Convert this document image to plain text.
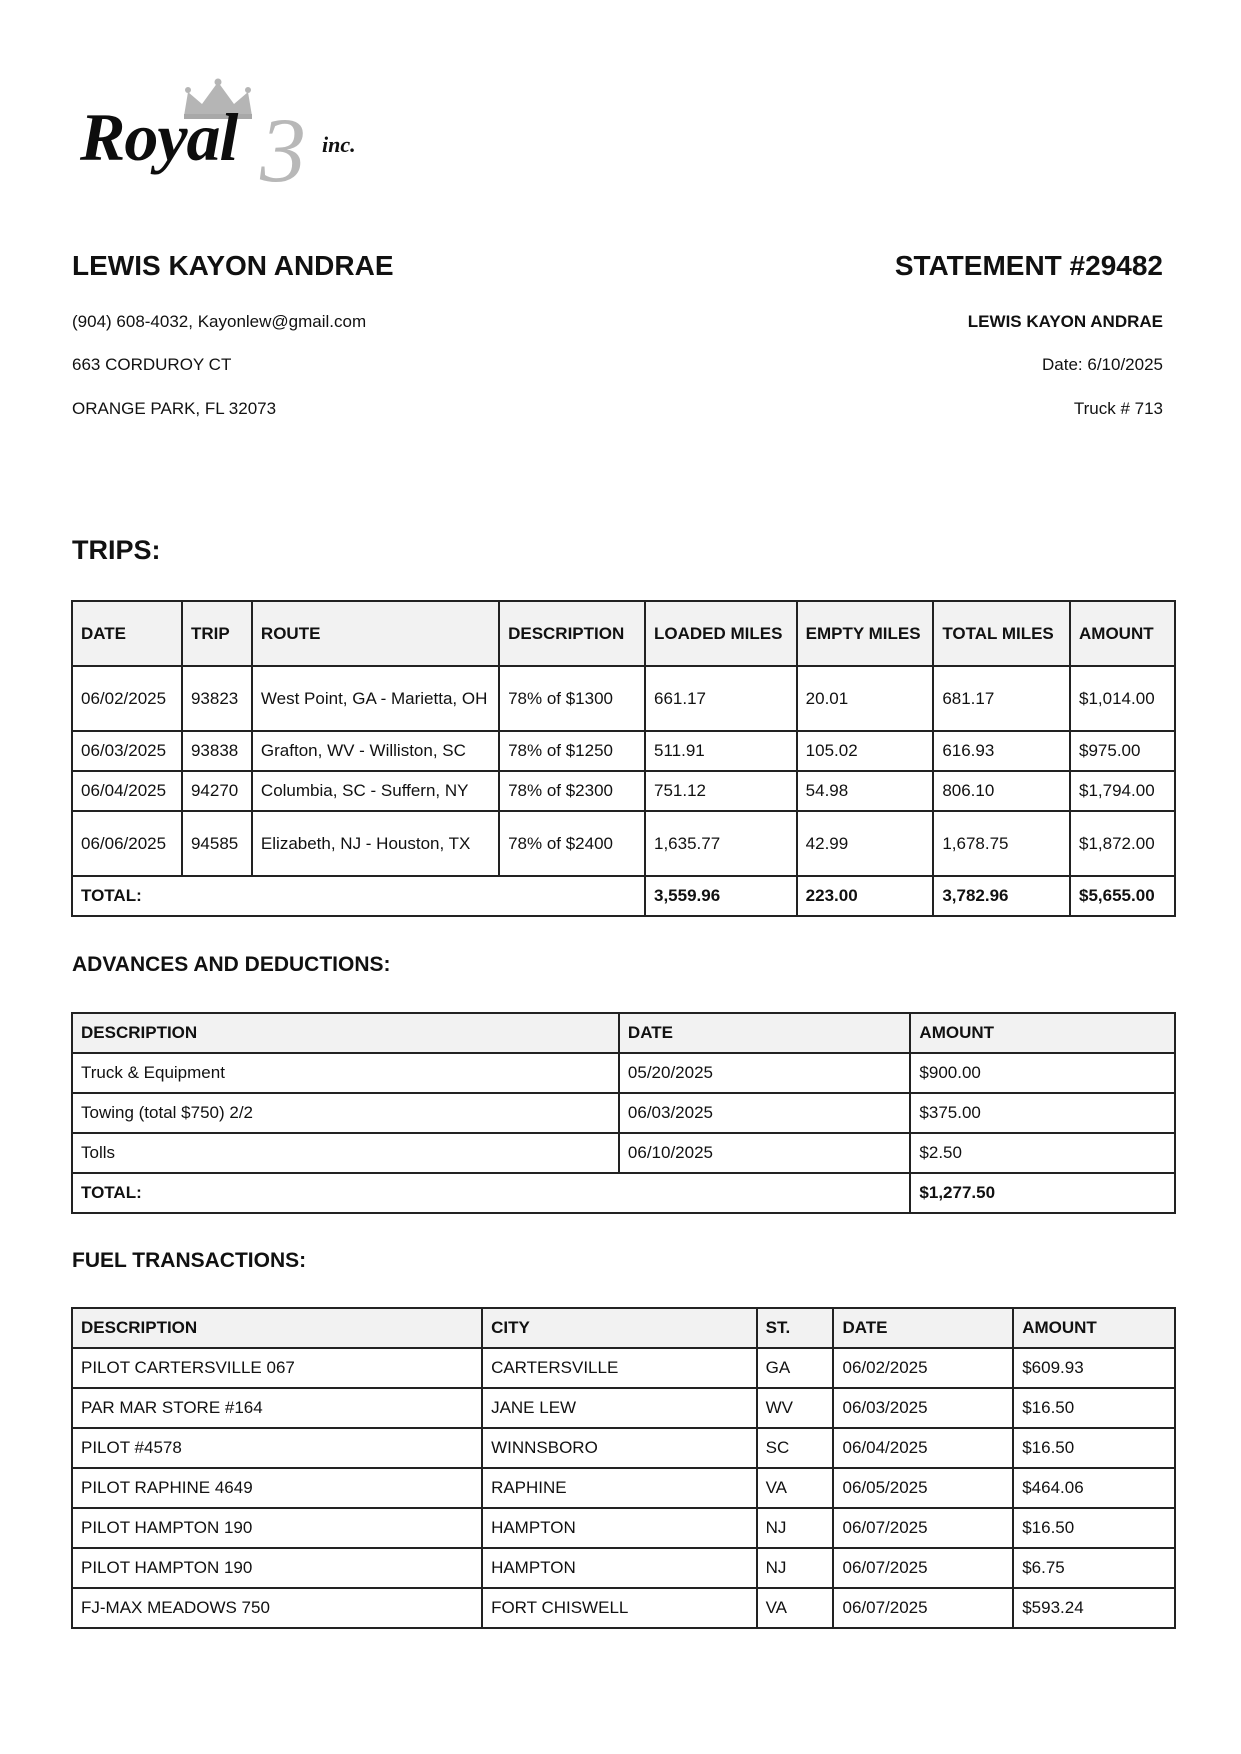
Royal 3 inc.
LEWIS KAYON ANDRAE
(904) 608-4032, Kayonlew@gmail.com
663 CORDUROY CT
ORANGE PARK, FL 32073
STATEMENT #29482
LEWIS KAYON ANDRAE
Date: 6/10/2025
Truck # 713
TRIPS:
DATE	TRIP	ROUTE	DESCRIPTION	LOADED MILES	EMPTY MILES	TOTAL MILES	AMOUNT
06/02/2025	93823	West Point, GA - Marietta, OH	78% of $1300	661.17	20.01	681.17	$1,014.00
06/03/2025	93838	Grafton, WV - Williston, SC	78% of $1250	511.91	105.02	616.93	$975.00
06/04/2025	94270	Columbia, SC - Suffern, NY	78% of $2300	751.12	54.98	806.10	$1,794.00
06/06/2025	94585	Elizabeth, NJ - Houston, TX	78% of $2400	1,635.77	42.99	1,678.75	$1,872.00
TOTAL:				3,559.96	223.00	3,782.96	$5,655.00
ADVANCES AND DEDUCTIONS:
DESCRIPTION	DATE	AMOUNT
Truck & Equipment	05/20/2025	$900.00
Towing (total $750) 2/2	06/03/2025	$375.00
Tolls	06/10/2025	$2.50
TOTAL:		$1,277.50
FUEL TRANSACTIONS:
DESCRIPTION	CITY	ST.	DATE	AMOUNT
PILOT CARTERSVILLE 067	CARTERSVILLE	GA	06/02/2025	$609.93
PAR MAR STORE #164	JANE LEW	WV	06/03/2025	$16.50
PILOT #4578	WINNSBORO	SC	06/04/2025	$16.50
PILOT RAPHINE 4649	RAPHINE	VA	06/05/2025	$464.06
PILOT HAMPTON 190	HAMPTON	NJ	06/07/2025	$16.50
PILOT HAMPTON 190	HAMPTON	NJ	06/07/2025	$6.75
FJ-MAX MEADOWS 750	FORT CHISWELL	VA	06/07/2025	$593.24
